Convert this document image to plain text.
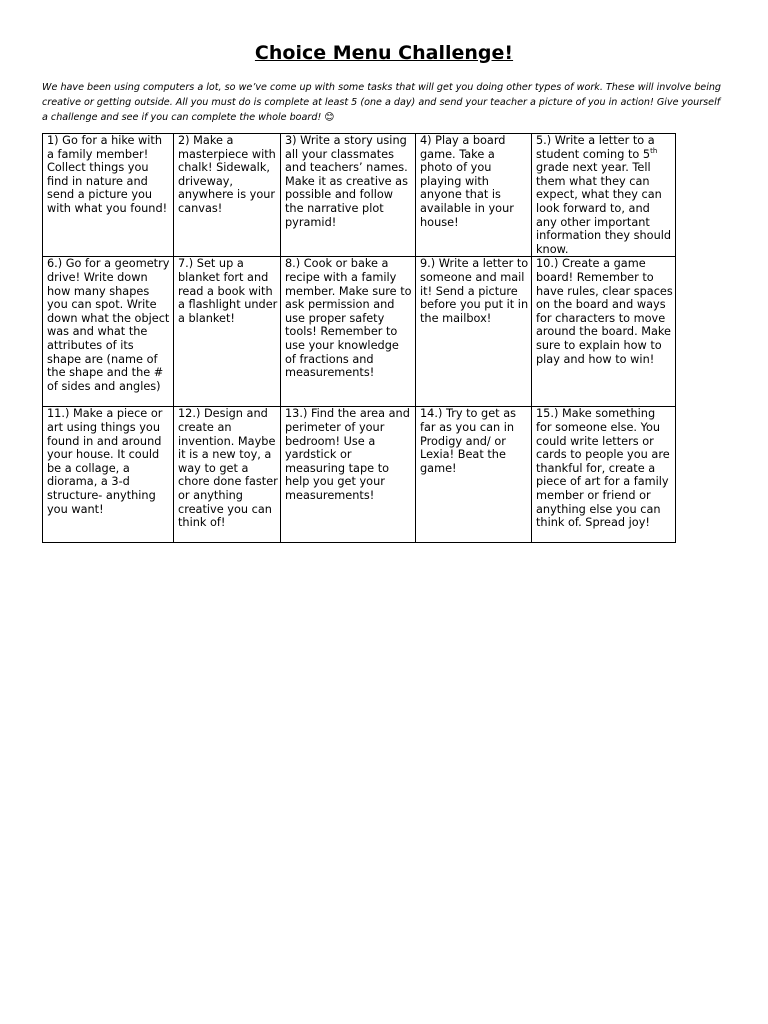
Choice Menu Challenge!

We have been using computers a lot, so we’ve come up with some tasks that will get you doing other types of work. These will involve being creative or getting outside. All you must do is complete at least 5 (one a day) and send your teacher a picture of you in action! Give yourself a challenge and see if you can complete the whole board! 😊

1) Go for a hike with a family member! Collect things you find in nature and send a picture you with what you found!	2) Make a masterpiece with chalk! Sidewalk, driveway, anywhere is your canvas!	3) Write a story using all your classmates and teachers’ names. Make it as creative as possible and follow the narrative plot pyramid!	4) Play a board game. Take a photo of you playing with anyone that is available in your house!	5.) Write a letter to a student coming to 5th grade next year. Tell them what they can expect, what they can look forward to, and any other important information they should know.
6.) Go for a geometry drive! Write down how many shapes you can spot. Write down what the object was and what the attributes of its shape are (name of the shape and the # of sides and angles)	7.) Set up a blanket fort and read a book with a flashlight under a blanket!	8.) Cook or bake a recipe with a family member. Make sure to ask permission and use proper safety tools! Remember to use your knowledge of fractions and measurements!	9.) Write a letter to someone and mail it! Send a picture before you put it in the mailbox!	10.) Create a game board! Remember to have rules, clear spaces on the board and ways for characters to move around the board. Make sure to explain how to play and how to win!
11.) Make a piece or art using things you found in and around your house. It could be a collage, a diorama, a 3-d structure- anything you want!	12.) Design and create an invention. Maybe it is a new toy, a way to get a chore done faster or anything creative you can think of!	13.) Find the area and perimeter of your bedroom! Use a yardstick or measuring tape to help you get your measurements!	14.) Try to get as far as you can in Prodigy and/ or Lexia! Beat the game!	15.) Make something for someone else. You could write letters or cards to people you are thankful for, create a piece of art for a family member or friend or anything else you can think of. Spread joy!
